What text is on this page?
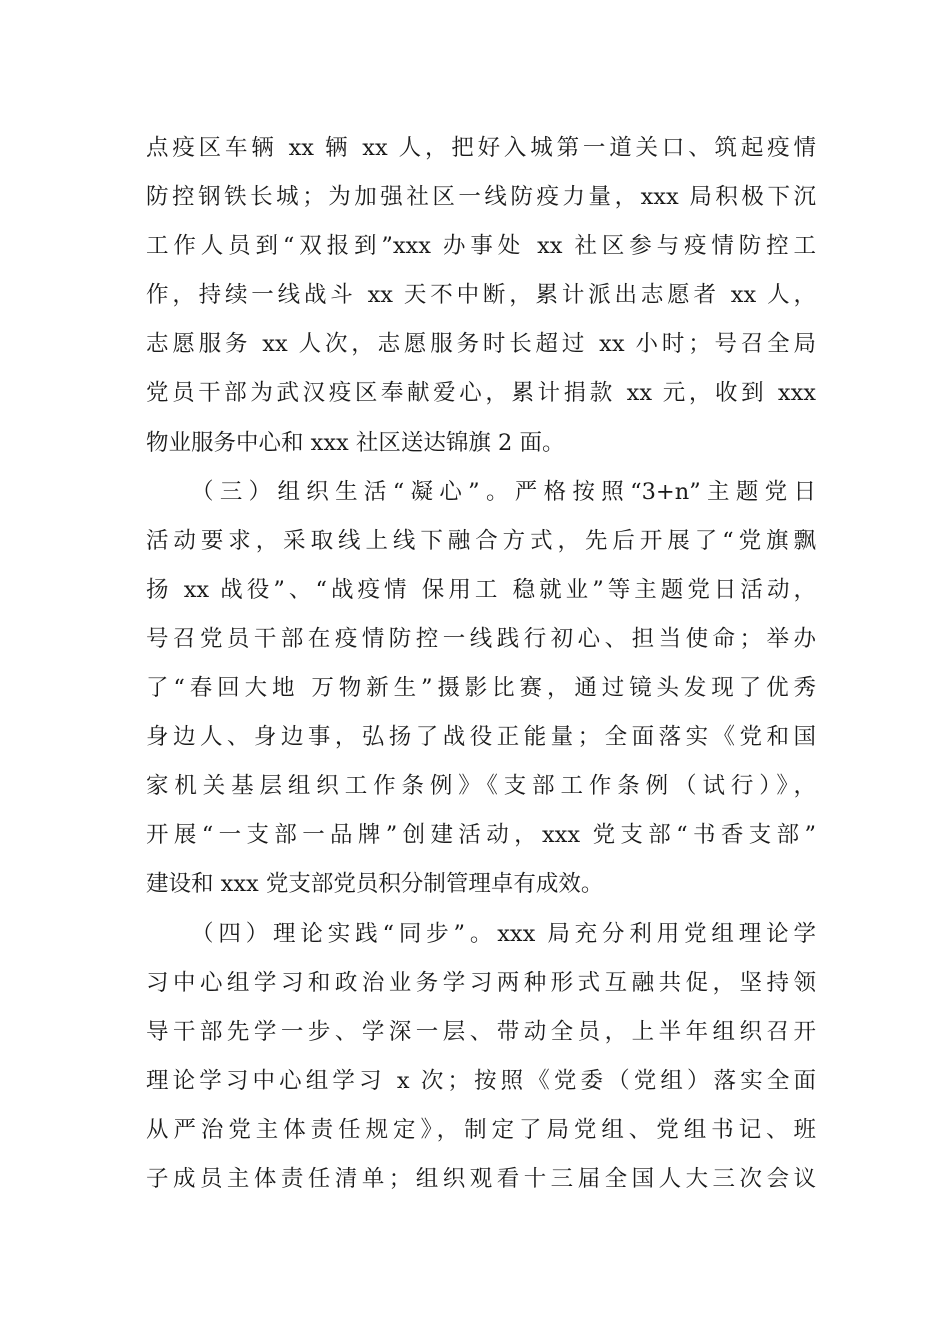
点疫区车辆 xx 辆 xx 人，把好入城第一道关口、筑起疫情
防控钢铁长城；为加强社区一线防疫力量，xxx 局积极下沉
工作人员到“双报到”xxx 办事处 xx 社区参与疫情防控工
作，持续一线战斗 xx 天不中断，累计派出志愿者 xx 人，
志愿服务 xx 人次，志愿服务时长超过 xx 小时；号召全局
党员干部为武汉疫区奉献爱心，累计捐款 xx 元，收到 xxx
物业服务中心和 xxx 社区送达锦旗 2 面。
（三）组织生活“凝心”。严格按照“3+n”主题党日
活动要求，采取线上线下融合方式，先后开展了“党旗飘
扬 xx 战役”、“战疫情 保用工 稳就业”等主题党日活动，
号召党员干部在疫情防控一线践行初心、担当使命；举办
了“春回大地 万物新生”摄影比赛，通过镜头发现了优秀
身边人、身边事，弘扬了战役正能量；全面落实《党和国
家机关基层组织工作条例》《支部工作条例（试行）》，
开展“一支部一品牌”创建活动，xxx 党支部“书香支部”
建设和 xxx 党支部党员积分制管理卓有成效。
（四）理论实践“同步”。xxx 局充分利用党组理论学
习中心组学习和政治业务学习两种形式互融共促，坚持领
导干部先学一步、学深一层、带动全员，上半年组织召开
理论学习中心组学习 x 次；按照《党委（党组）落实全面
从严治党主体责任规定》，制定了局党组、党组书记、班
子成员主体责任清单；组织观看十三届全国人大三次会议
